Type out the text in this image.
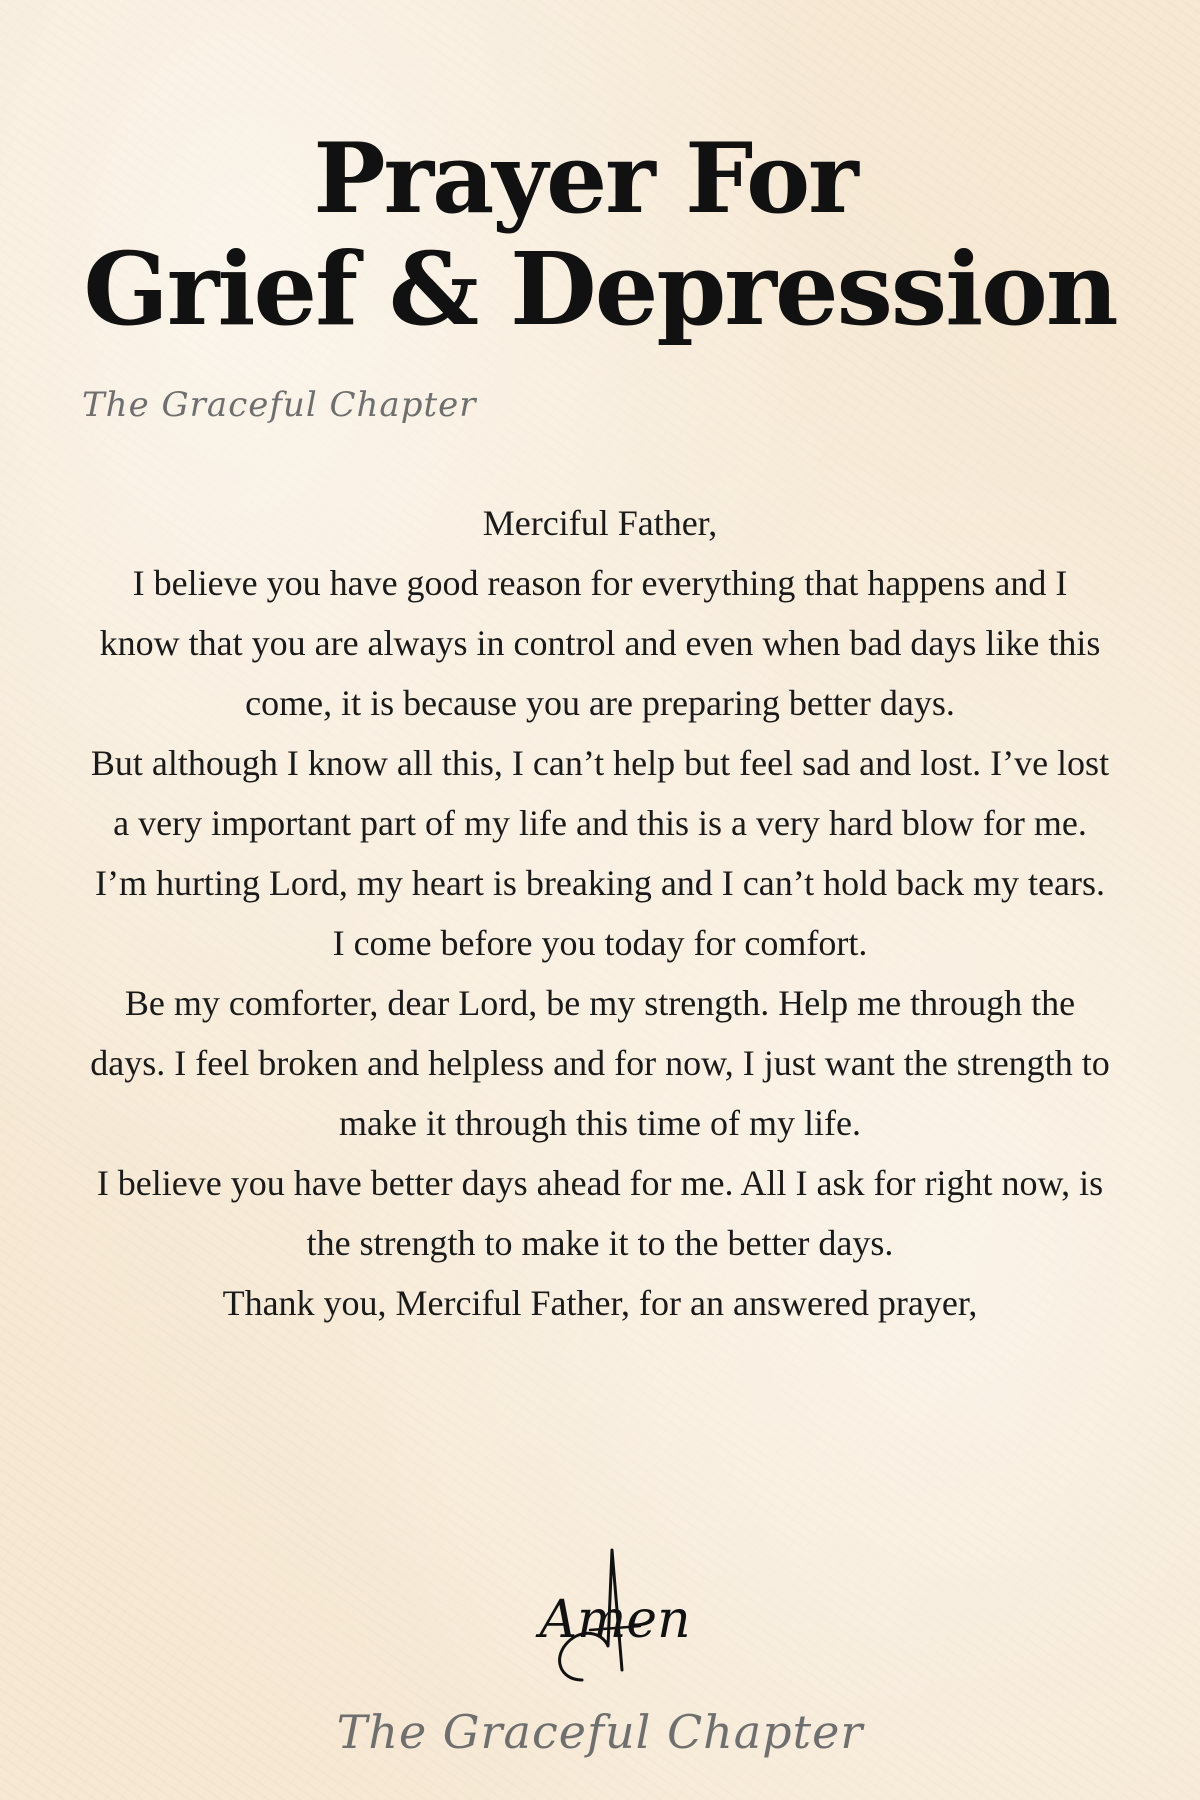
Prayer For
Grief & Depression
The Graceful Chapter

Merciful Father,

I believe you have good reason for everything that happens and I know that you are always in control and even when bad days like this come, it is because you are preparing better days.

But although I know all this, I can’t help but feel sad and lost. I’ve lost a very important part of my life and this is a very hard blow for me.

I’m hurting Lord, my heart is breaking and I can’t hold back my tears. I come before you today for comfort.

Be my comforter, dear Lord, be my strength. Help me through the days. I feel broken and helpless and for now, I just want the strength to make it through this time of my life.

I believe you have better days ahead for me. All I ask for right now, is the strength to make it to the better days.

Thank you, Merciful Father, for an answered prayer,

Amen
The Graceful Chapter
